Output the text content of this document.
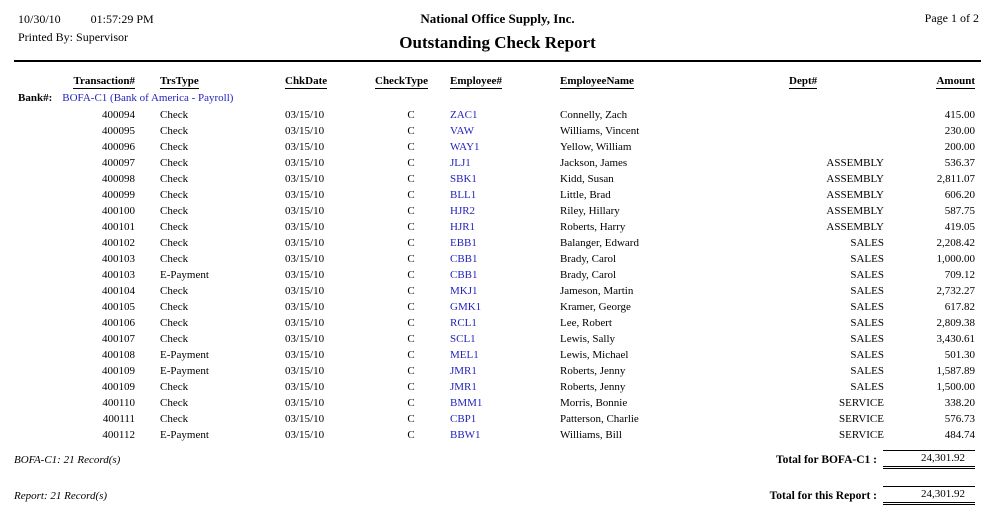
10/30/10	01:57:29 PM
Printed By: Supervisor
National Office Supply, Inc.
Outstanding Check Report
Page 1 of 2
Transaction#	TrsType	ChkDate	CheckType	Employee#	EmployeeName	Dept#	Amount
Bank#: BOFA-C1 (Bank of America - Payroll)							
400094	Check	03/15/10	C	ZAC1	Connelly, Zach		415.00
400095	Check	03/15/10	C	VAW	Williams, Vincent		230.00
400096	Check	03/15/10	C	WAY1	Yellow, William		200.00
400097	Check	03/15/10	C	JLJ1	Jackson, James	ASSEMBLY	536.37
400098	Check	03/15/10	C	SBK1	Kidd, Susan	ASSEMBLY	2,811.07
400099	Check	03/15/10	C	BLL1	Little, Brad	ASSEMBLY	606.20
400100	Check	03/15/10	C	HJR2	Riley, Hillary	ASSEMBLY	587.75
400101	Check	03/15/10	C	HJR1	Roberts, Harry	ASSEMBLY	419.05
400102	Check	03/15/10	C	EBB1	Balanger, Edward	SALES	2,208.42
400103	Check	03/15/10	C	CBB1	Brady, Carol	SALES	1,000.00
400103	E-Payment	03/15/10	C	CBB1	Brady, Carol	SALES	709.12
400104	Check	03/15/10	C	MKJ1	Jameson, Martin	SALES	2,732.27
400105	Check	03/15/10	C	GMK1	Kramer, George	SALES	617.82
400106	Check	03/15/10	C	RCL1	Lee, Robert	SALES	2,809.38
400107	Check	03/15/10	C	SCL1	Lewis, Sally	SALES	3,430.61
400108	E-Payment	03/15/10	C	MEL1	Lewis, Michael	SALES	501.30
400109	E-Payment	03/15/10	C	JMR1	Roberts, Jenny	SALES	1,587.89
400109	Check	03/15/10	C	JMR1	Roberts, Jenny	SALES	1,500.00
400110	Check	03/15/10	C	BMM1	Morris, Bonnie	SERVICE	338.20
400111	Check	03/15/10	C	CBP1	Patterson, Charlie	SERVICE	576.73
400112	E-Payment	03/15/10	C	BBW1	Williams, Bill	SERVICE	484.74
BOFA-C1: 21 Record(s)	Total for BOFA-C1 :	24,301.92
Report: 21 Record(s)	Total for this Report :	24,301.92
